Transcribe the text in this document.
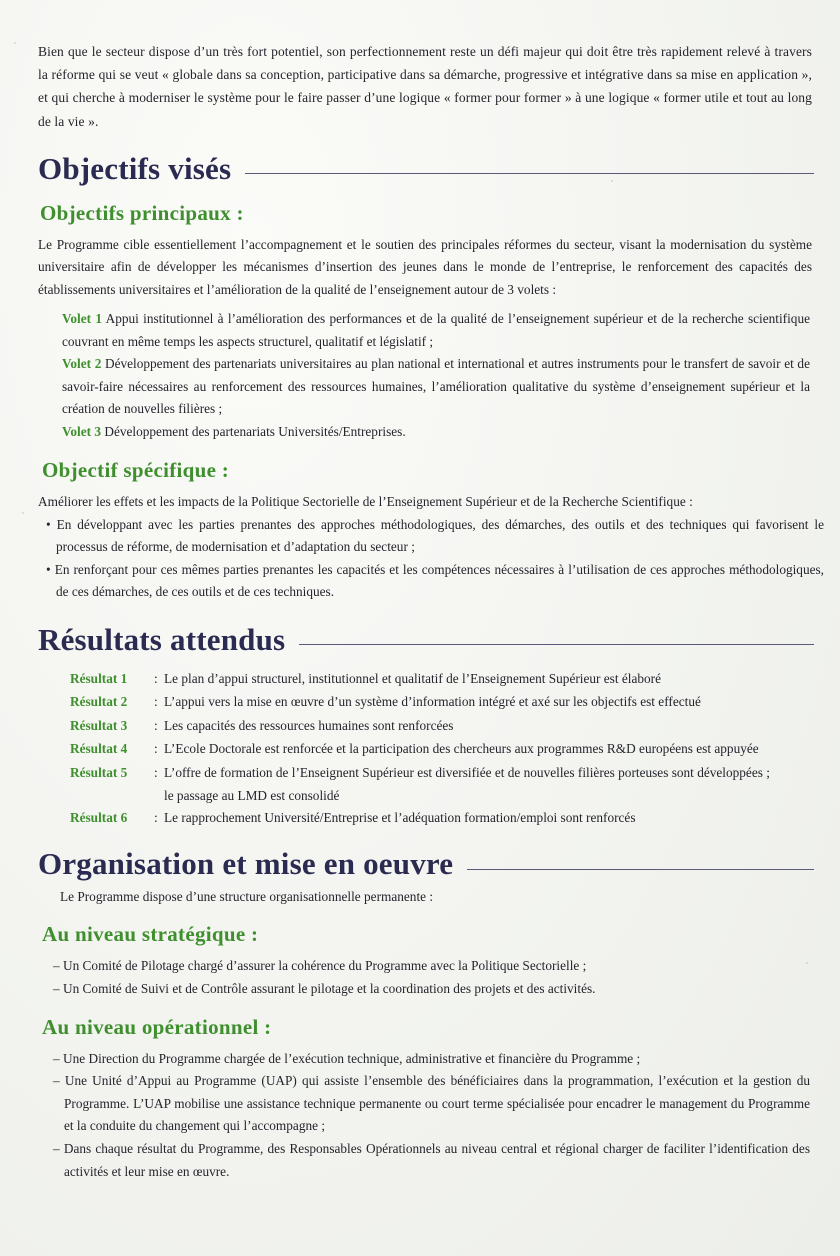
Bien que le secteur dispose d’un très fort potentiel, son perfectionnement reste un défi majeur qui doit être très rapidement relevé à travers la réforme qui se veut « globale dans sa conception, participative dans sa démarche, progressive et intégrative dans sa mise en application », et qui cherche à moderniser le système pour le faire passer d’une logique « former pour former » à une logique « former utile et tout au long de la vie ».

Objectifs visés
Objectifs principaux :

Le Programme cible essentiellement l’accompagnement et le soutien des principales réformes du secteur, visant la modernisation du système universitaire afin de développer les mécanismes d’insertion des jeunes dans le monde de l’entreprise, le renforcement des capacités des établissements universitaires et l’amélioration de la qualité de l’enseignement autour de 3 volets :

Volet 1 Appui institutionnel à l’amélioration des performances et de la qualité de l’enseignement supérieur et de la recherche scientifique couvrant en même temps les aspects structurel, qualitatif et législatif ;

Volet 2 Développement des partenariats universitaires au plan national et international et autres instruments pour le transfert de savoir et de savoir-faire nécessaires au renforcement des ressources humaines, l’amélioration qualitative du système d’enseignement supérieur et la création de nouvelles filières ;

Volet 3 Développement des partenariats Universités/Entreprises.

Objectif spécifique :

Améliorer les effets et les impacts de la Politique Sectorielle de l’Enseignement Supérieur et de la Recherche Scientifique :

• En développant avec les parties prenantes des approches méthodologiques, des démarches, des outils et des techniques qui favorisent le processus de réforme, de modernisation et d’adaptation du secteur ;

• En renforçant pour ces mêmes parties prenantes les capacités et les compétences nécessaires à l’utilisation de ces approches méthodologiques, de ces démarches, de ces outils et de ces techniques.

Résultats attendus
Résultat 1	: Le plan d’appui structurel, institutionnel et qualitatif de l’Enseignement Supérieur est élaboré
Résultat 2	: L’appui vers la mise en œuvre d’un système d’information intégré et axé sur les objectifs est effectué
Résultat 3	: Les capacités des ressources humaines sont renforcées
Résultat 4	: L’Ecole Doctorale est renforcée et la participation des chercheurs aux programmes R&D européens est appuyée
Résultat 5	: L’offre de formation de l’Enseignent Supérieur est diversifiée et de nouvelles filières porteuses sont développées ;
le passage au LMD est consolidé
Résultat 6	: Le rapprochement Université/Entreprise et l’adéquation formation/emploi sont renforcés
Organisation et mise en oeuvre

Le Programme dispose d’une structure organisationnelle permanente :

Au niveau stratégique :

– Un Comité de Pilotage chargé d’assurer la cohérence du Programme avec la Politique Sectorielle ;

– Un Comité de Suivi et de Contrôle assurant le pilotage et la coordination des projets et des activités.

Au niveau opérationnel :

– Une Direction du Programme chargée de l’exécution technique, administrative et financière du Programme ;

– Une Unité d’Appui au Programme (UAP) qui assiste l’ensemble des bénéficiaires dans la programmation, l’exécution et la gestion du Programme. L’UAP mobilise une assistance technique permanente ou court terme spécialisée pour encadrer le management du Programme et la conduite du changement qui l’accompagne ;

– Dans chaque résultat du Programme, des Responsables Opérationnels au niveau central et régional charger de faciliter l’identification des activités et leur mise en œuvre.
